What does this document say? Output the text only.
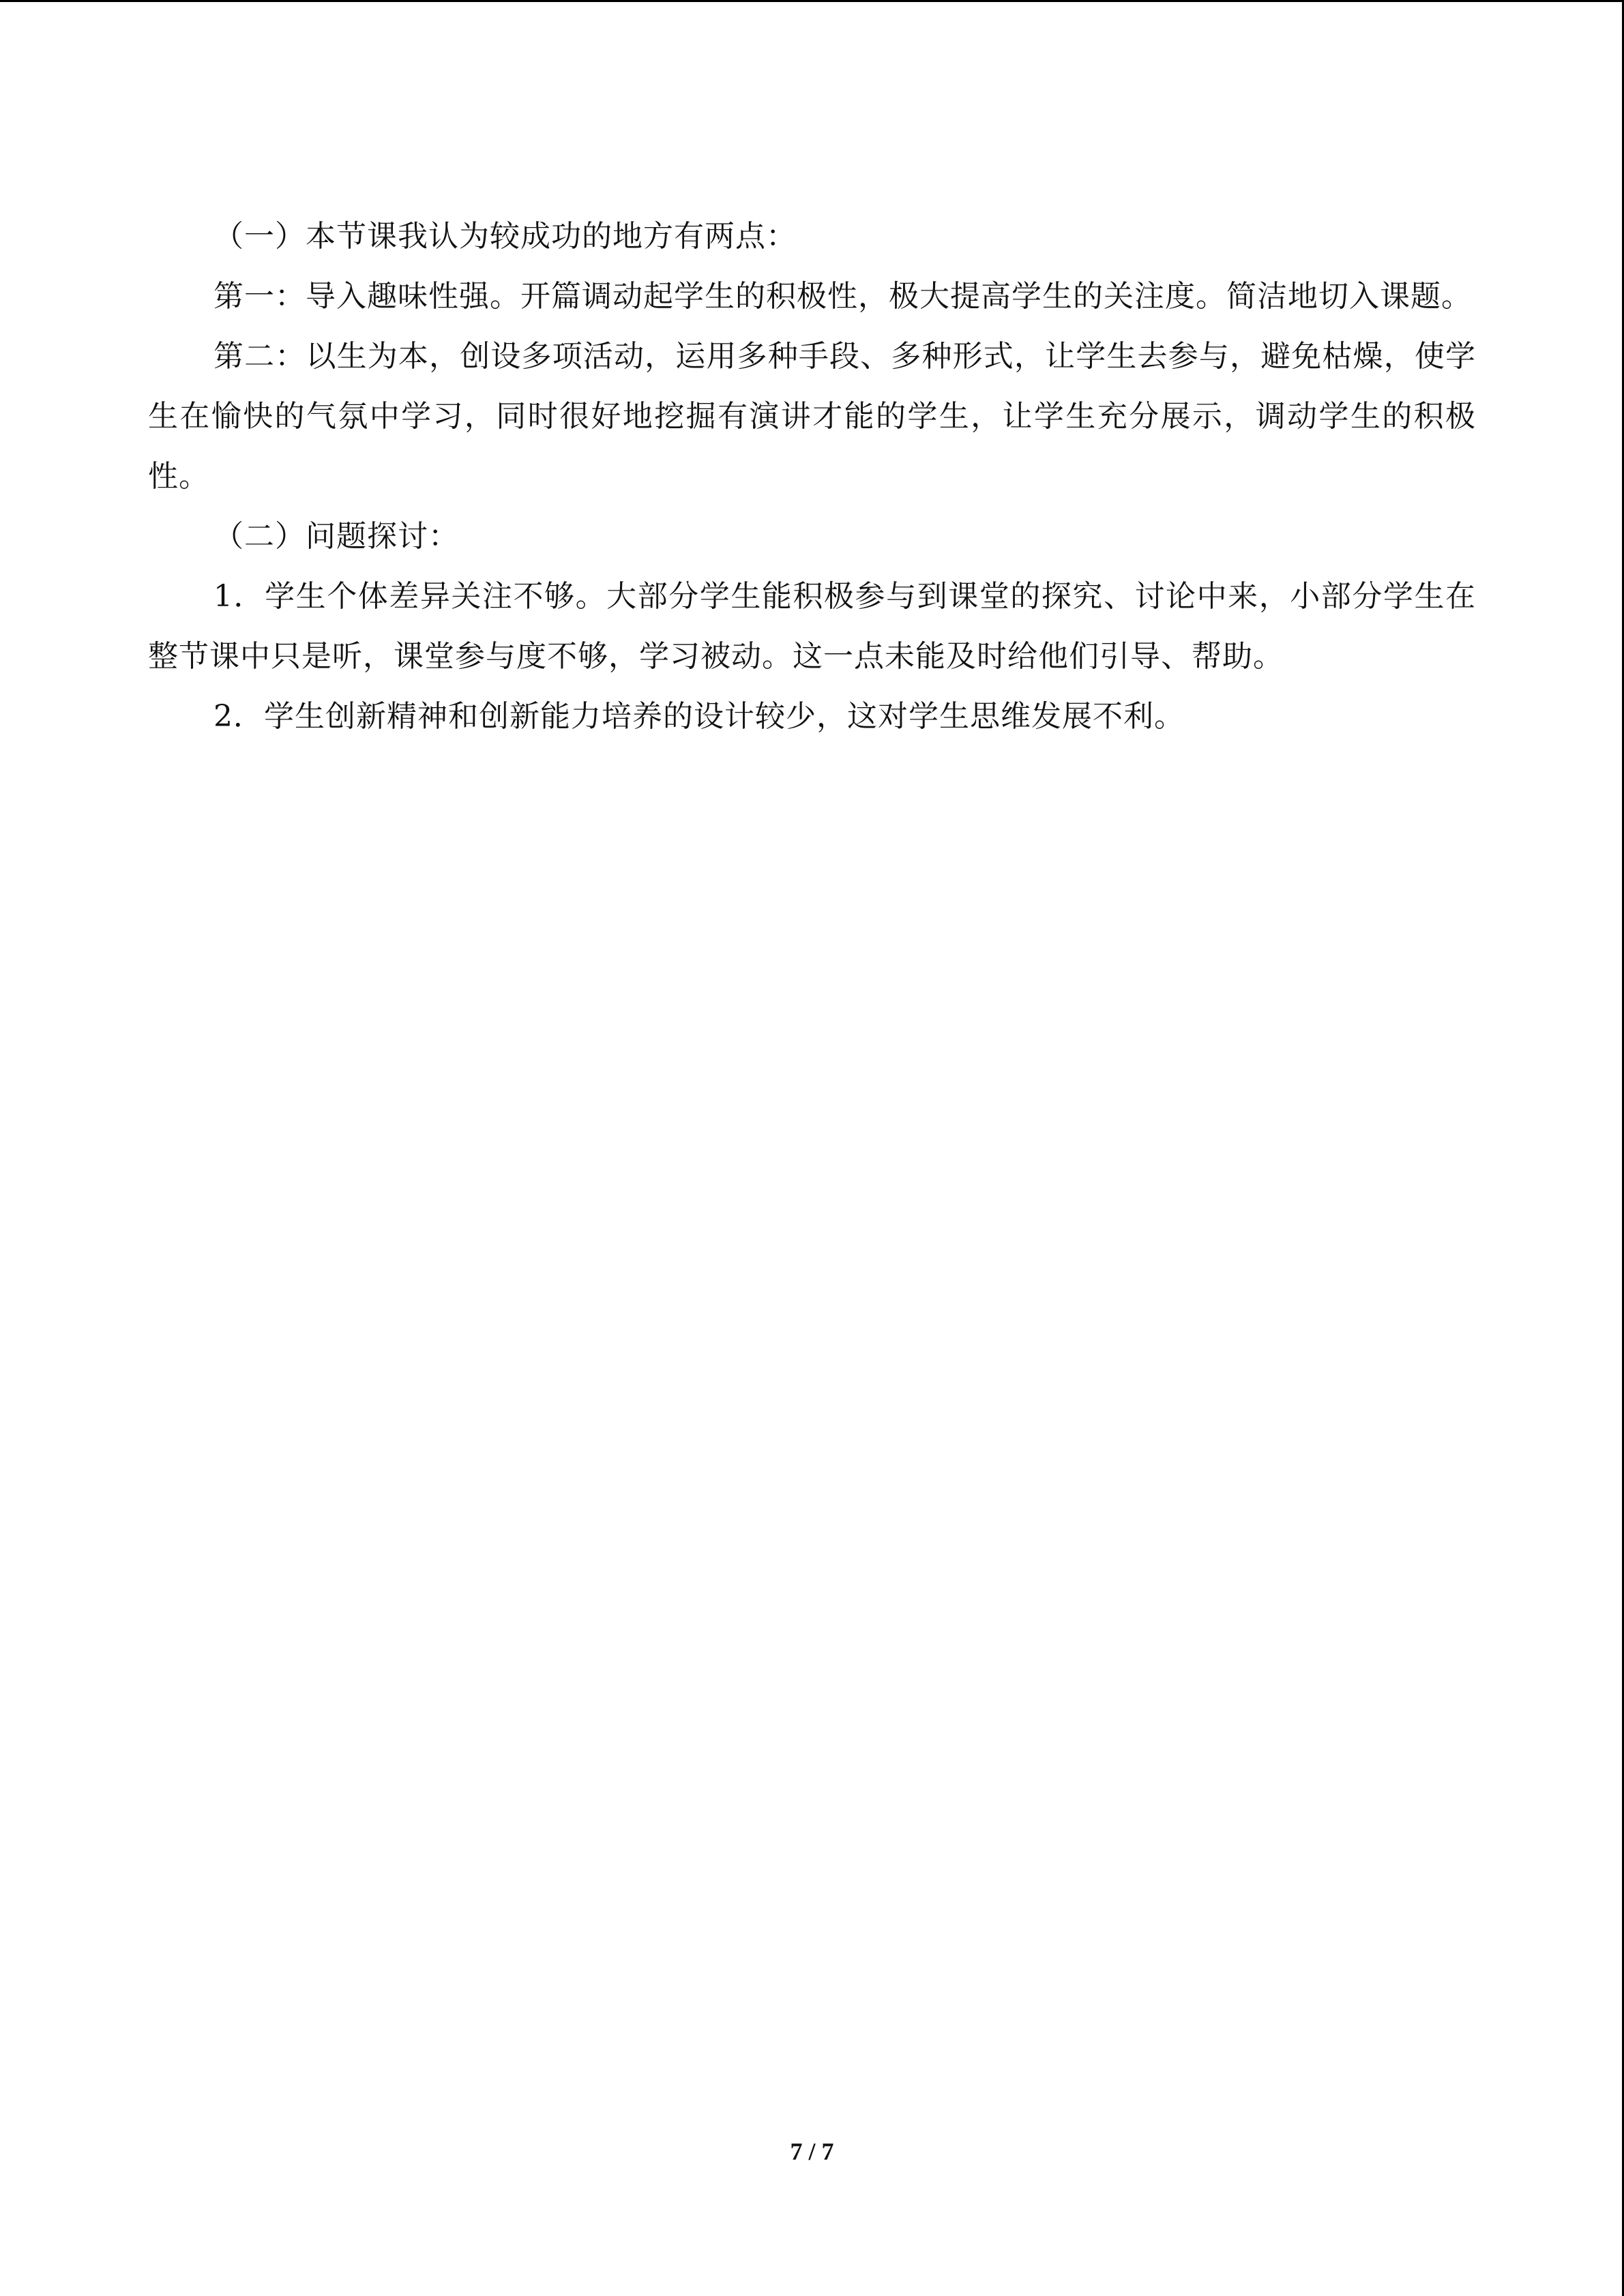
（一）本节课我认为较成功的地方有两点：

第一：导入趣味性强。开篇调动起学生的积极性，极大提高学生的关注度。简洁地切入课题。

第二：以生为本，创设多项活动，运用多种手段、多种形式，让学生去参与，避免枯燥，使学生在愉快的气氛中学习，同时很好地挖掘有演讲才能的学生，让学生充分展示，调动学生的积极性。

（二）问题探讨：

1．学生个体差异关注不够。大部分学生能积极参与到课堂的探究、讨论中来，小部分学生在整节课中只是听，课堂参与度不够，学习被动。这一点未能及时给他们引导、帮助。

2．学生创新精神和创新能力培养的设计较少，这对学生思维发展不利。

7 / 7
